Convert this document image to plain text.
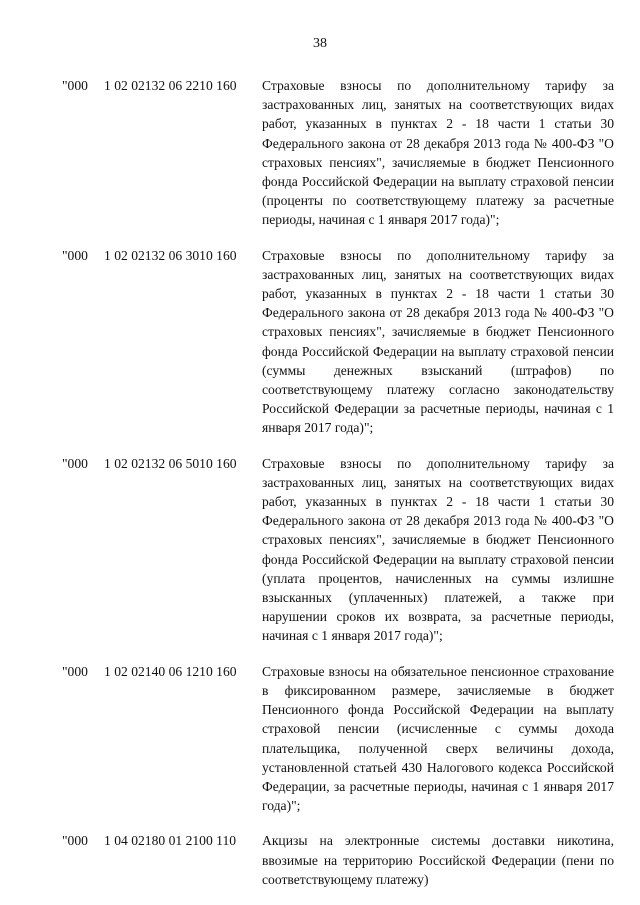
38
"000	1 02 02132 06 2210 160	Страховые взносы по дополнительному тарифу за застрахованных лиц, занятых на соответствующих видах работ, указанных в пунктах 2 - 18 части 1 статьи 30 Федерального закона от 28 декабря 2013 года № 400-ФЗ "О страховых пенсиях", зачисляемые в бюджет Пенсионного фонда Российской Федерации на выплату страховой пенсии (проценты по соответствующему платежу за расчетные периоды, начиная с 1 января 2017 года)";
"000	1 02 02132 06 3010 160	Страховые взносы по дополнительному тарифу за застрахованных лиц, занятых на соответствующих видах работ, указанных в пунктах 2 - 18 части 1 статьи 30 Федерального закона от 28 декабря 2013 года № 400-ФЗ "О страховых пенсиях", зачисляемые в бюджет Пенсионного фонда Российской Федерации на выплату страховой пенсии (суммы денежных взысканий (штрафов) по соответствующему платежу согласно законодательству Российской Федерации за расчетные периоды, начиная с 1 января 2017 года)";
"000	1 02 02132 06 5010 160	Страховые взносы по дополнительному тарифу за застрахованных лиц, занятых на соответствующих видах работ, указанных в пунктах 2 - 18 части 1 статьи 30 Федерального закона от 28 декабря 2013 года № 400-ФЗ "О страховых пенсиях", зачисляемые в бюджет Пенсионного фонда Российской Федерации на выплату страховой пенсии (уплата процентов, начисленных на суммы излишне взысканных (уплаченных) платежей, а также при нарушении сроков их возврата, за расчетные периоды, начиная с 1 января 2017 года)";
"000	1 02 02140 06 1210 160	Страховые взносы на обязательное пенсионное страхование в фиксированном размере, зачисляемые в бюджет Пенсионного фонда Российской Федерации на выплату страховой пенсии (исчисленные с суммы дохода плательщика, полученной сверх величины дохода, установленной статьей 430 Налогового кодекса Российской Федерации, за расчетные периоды, начиная с 1 января 2017 года)";
"000	1 04 02180 01 2100 110	Акцизы на электронные системы доставки никотина, ввозимые на территорию Российской Федерации (пени по соответствующему платежу)
